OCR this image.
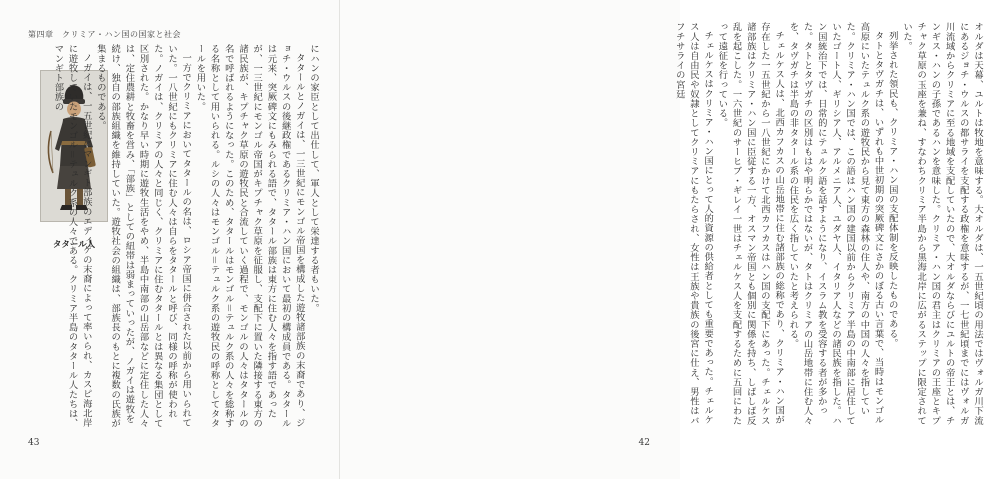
第四章　クリミア・ハン国の国家と社会
タタール人	にハンの家臣として出仕して、軍人として栄達する者もいた。

タタールとノガイは、一三世紀にモンゴル帝国を構成した遊牧諸部族の末裔であり、ジョチ・ウルスの後継政権であるクリミア・ハン国において最初の構成員である。タタールは元来、突厥碑文にもみられる語で、タタール部族は東方に住む人々を指す語であったが、一三世紀にモンゴル帝国がキプチャク草原を征服し、支配下に置いた隣接する東方の諸民族が、キプチャク草原の遊牧民と合流していく過程で、モンゴルの人々はタタールの名で呼ばれるようになった。このため、タタールはモンゴル＝テュルク系の人々を総称する名称として用いられる。ルシの人々はモンゴル＝テュルク系の遊牧民の呼称としてタタールを用いた。

一方でクリミアにおいてタタールの名は、ロシア帝国に併合された以前から用いられていた。一八世紀にもクリミアに住む人々は自らをタタールと呼び、同様の呼称が使われた。ノガイは、クリミアの人々と同じく、クリミアに住むタタールとは異なる集団として区別された。かなり早い時期に遊牧生活をやめ、半島中南部の山岳部などに定住した人々は、定住農耕と牧畜を営み、「部族」としての紐帯は弱まっていったが、ノガイは遊牧を続け、独自の部族組織を維持していた。遊牧社会の組織は、部族長のもとに複数の氏族が集まるものである。

ノガイは、一五世紀にマンギト部族のエディゲの末裔によって率いられ、カスピ海北岸に遊牧していたモンゴル＝テュルク系の人々である。クリミア半島のタタール人たちは、マンギト部族の

43

オルダは天幕、ユルトは牧地を意味する。大オルダは、一五世紀頃の用法ではヴォルガ川下流にあるジョチ・ウルスの都サライを支配する政権を意味するが、一七世紀頃までにはヴォルガ川流域からクリミアに至る地域を支配していたので、大オルダならびにユルトの帝王とは、チンギス・ハンの子孫であるハンを意味した。クリミア・ハン国の君主はクリミアの王座とキプチャク草原の玉座を兼ね、すなわちクリミア半島から黒海北岸に広がるステップに限定されていた。

列挙された領民も、クリミア・ハン国の支配体制を反映したものである。

タトとタヴガチは、いずれも中世初期の突厥碑文にさかのぼる古い言葉で、当時はモンゴル高原にいたテュルク系の遊牧民から見て東方の森林の住人や、南方の中国の人々を指していた。クリミア・ハン国では、この語はハン国の建国以前からクリミア半島の中南部に居住していたゴート人、ギリシア人、アルメニア人、ユダヤ人、イタリア人などの諸民族を指した。ハン国統治下では、日常的にテュルク語を話すようになり、イスラム教を受容する者が多かった。タトとタヴガチの区別はもはや明らかではないが、タトはクリミアの山岳地帯に住む人々を、タヴガチは半島の非タタール系の住民を広く指していたと考えられる。

チェルケス人は、北西カフカスの山岳地帯に住む諸部族の総称であり、クリミア・ハン国が存在した一五世紀から一八世紀にかけて北西カフカスはハン国の支配下にあった。チェルケス諸部族はクリミア・ハン国に臣従する一方、オスマン帝国とも個別に関係を持ち、しばしば反乱を起こした。一六世紀のサーヒブ・ギレイ一世はチェルケス人を支配するために五回にわたって遠征を行っている。

チェルケスはクリミア・ハン国にとって人的資源の供給者としても重要であった。チェルケス人は自由民や奴隷としてクリミアにもたらされ、女性は王族や貴族の後宮に仕え、男性はバフチサライの宮廷

42
